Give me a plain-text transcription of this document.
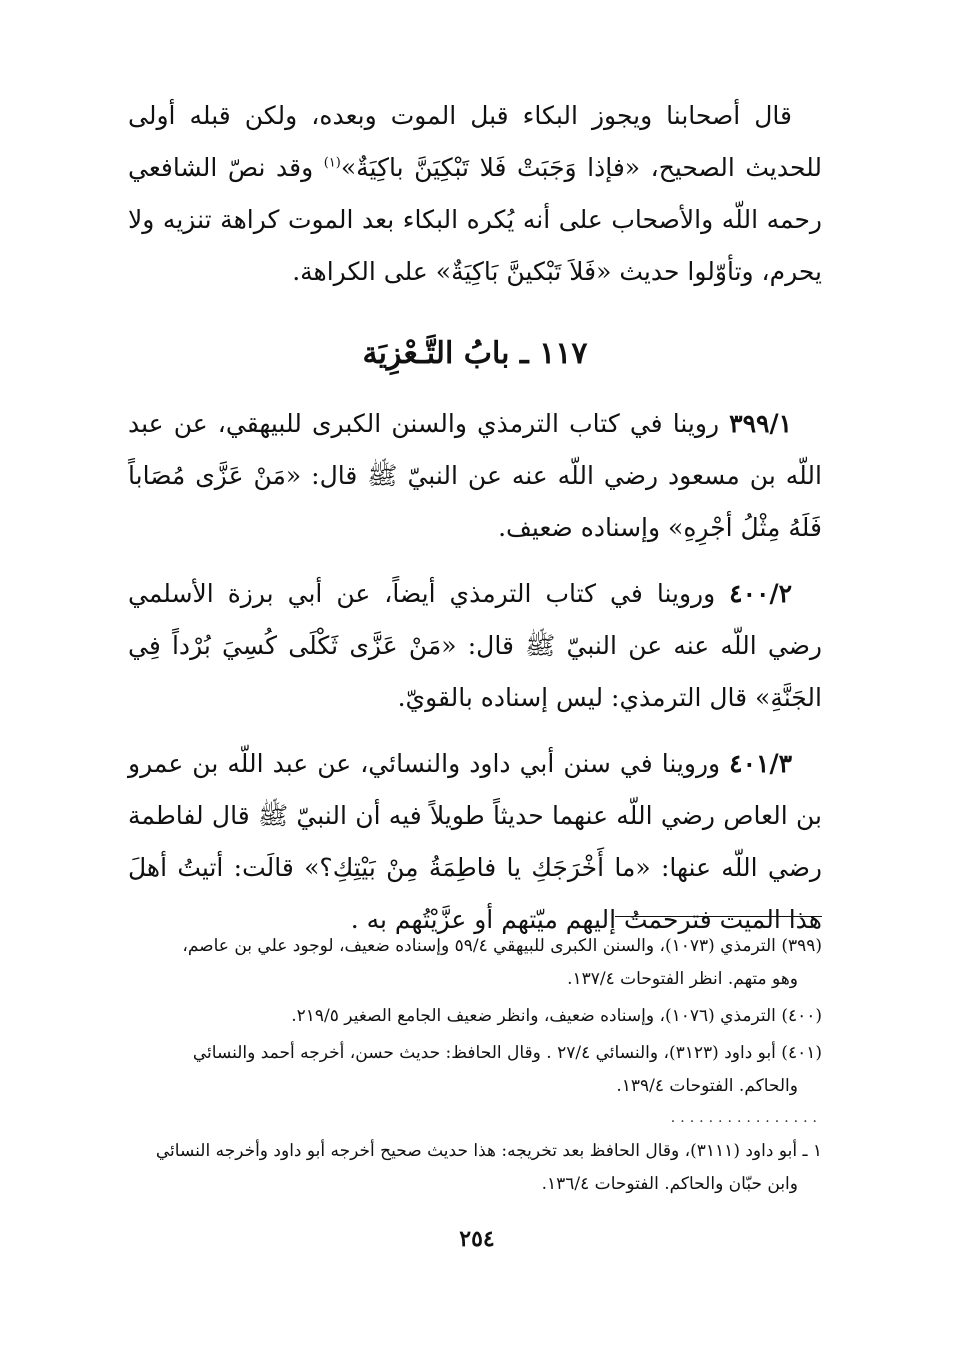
قال أصحابنا ويجوز البكاء قبل الموت وبعده، ولكن قبله أولى للحديث الصحيح، «فإذا وَجَبَتْ فَلا تَبْكِيَنَّ باكِيَةٌ»$^{(١)}$ وقد نصّ الشافعي رحمه اللّه والأصحاب على أنه يُكره البكاء بعد الموت كراهة تنزيه ولا يحرم، وتأوّلوا حديث «فَلاَ تَبْكينَّ بَاكِيَةٌ» على الكراهة.

١١٧ ـ بابُ التَّـعْزِيَة

٣٩٩/١ روينا في كتاب الترمذي والسنن الكبرى للبيهقي، عن عبد اللّه بن مسعود رضي اللّه عنه عن النبيّ ﷺ قال: «مَنْ عَزَّى مُصَاباً فَلَهُ مِثْلُ أجْرِهِ» وإسناده ضعيف.

٤٠٠/٢ وروينا في كتاب الترمذي أيضاً، عن أبي برزة الأسلمي رضي اللّه عنه عن النبيّ ﷺ قال: «مَنْ عَزَّى ثَكْلَى كُسِيَ بُرْداً فِي الجَنَّةِ» قال الترمذي: ليس إسناده بالقويّ.

٤٠١/٣ وروينا في سنن أبي داود والنسائي، عن عبد اللّه بن عمرو بن العاص رضي اللّه عنهما حديثاً طويلاً فيه أن النبيّ ﷺ قال لفاطمة رضي اللّه عنها: «ما أَخْرَجَكِ يا فاطِمَةُ مِنْ بَيْتِكِ؟» قالَت: أتيتُ أهلَ هذا الميت فترحمتُ إليهم ميّتهم أو عزَّيْتُهم به .

(٣٩٩) الترمذي (١٠٧٣)، والسنن الكبرى للبيهقي ٥٩/٤ وإسناده ضعيف، لوجود علي بن عاصم،
وهو متهم. انظر الفتوحات ١٣٧/٤.

(٤٠٠) الترمذي (١٠٧٦)، وإسناده ضعيف، وانظر ضعيف الجامع الصغير ٢١٩/٥.

(٤٠١) أبو داود (٣١٢٣)، والنسائي ٢٧/٤ . وقال الحافظ: حديث حسن، أخرجه أحمد والنسائي
والحاكم. الفتوحات ١٣٩/٤.

................

١ ـ أبو داود (٣١١١)، وقال الحافظ بعد تخريجه: هذا حديث صحيح أخرجه أبو داود وأخرجه النسائي
وابن حبّان والحاكم. الفتوحات ١٣٦/٤.

٢٥٤
